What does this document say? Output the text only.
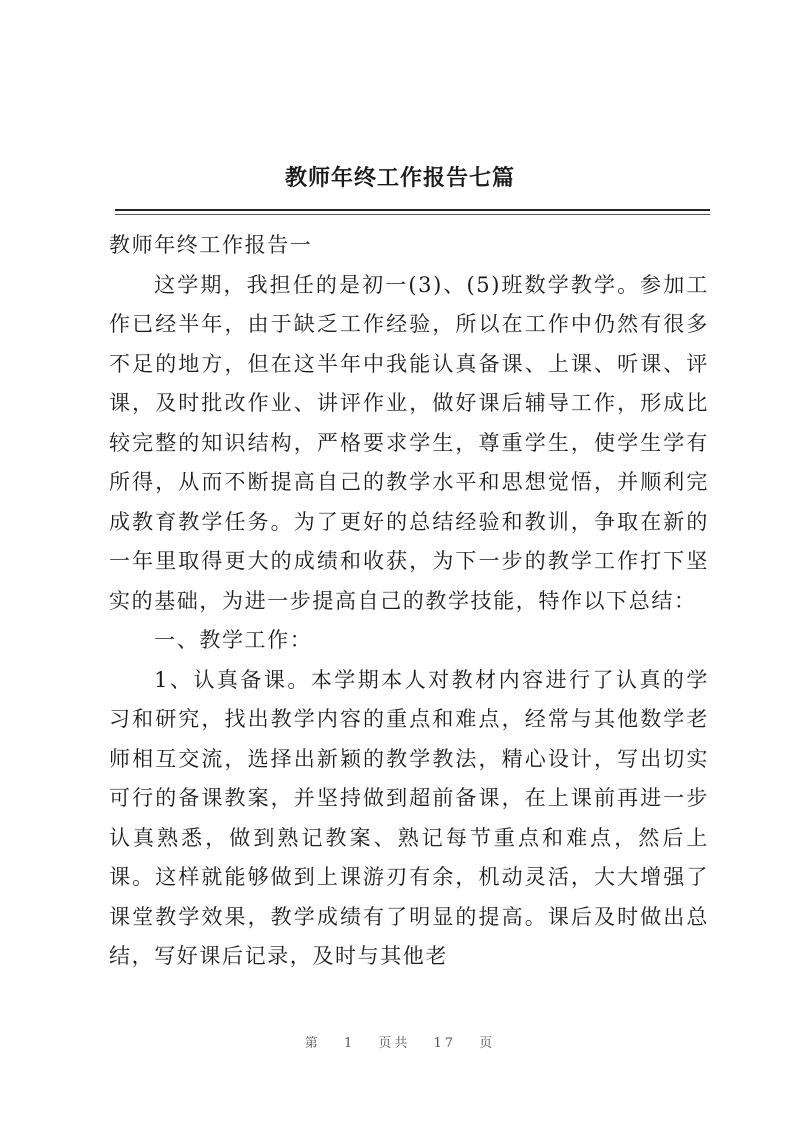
教师年终工作报告七篇

教师年终工作报告一

这学期，我担任的是初一(3)、(5)班数学教学。参加工作已经半年，由于缺乏工作经验，所以在工作中仍然有很多不足的地方，但在这半年中我能认真备课、上课、听课、评课，及时批改作业、讲评作业，做好课后辅导工作，形成比较完整的知识结构，严格要求学生，尊重学生，使学生学有所得，从而不断提高自己的教学水平和思想觉悟，并顺利完成教育教学任务。为了更好的总结经验和教训，争取在新的一年里取得更大的成绩和收获，为下一步的教学工作打下坚实的基础，为进一步提高自己的教学技能，特作以下总结：

一、教学工作：

1、认真备课。本学期本人对教材内容进行了认真的学习和研究，找出教学内容的重点和难点，经常与其他数学老师相互交流，选择出新颖的教学教法，精心设计，写出切实可行的备课教案，并坚持做到超前备课，在上课前再进一步认真熟悉，做到熟记教案、熟记每节重点和难点，然后上课。这样就能够做到上课游刃有余，机动灵活，大大增强了课堂教学效果，教学成绩有了明显的提高。课后及时做出总结，写好课后记录，及时与其他老

第 1 页共 17 页
